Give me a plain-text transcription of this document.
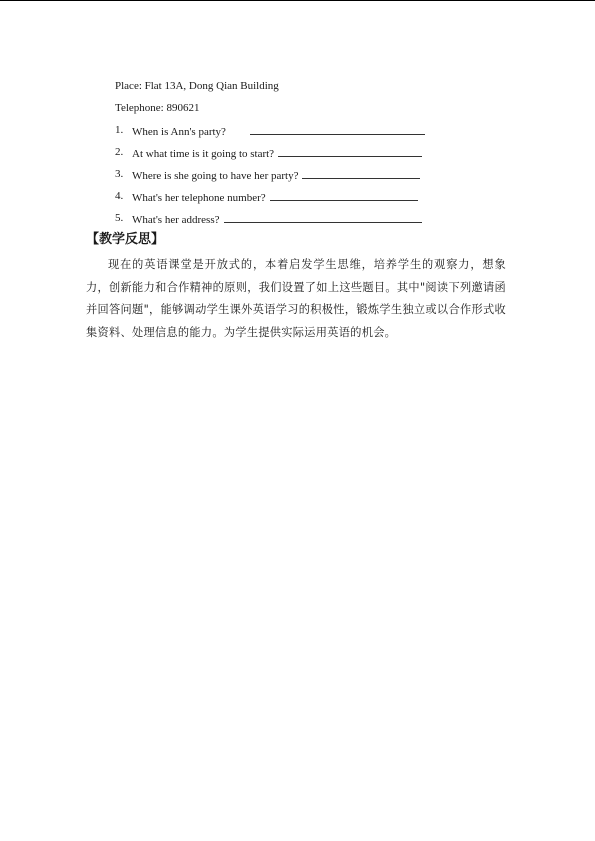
Place: Flat 13A, Dong Qian Building
Telephone: 890621
1. When is Ann's party?
2. At what time is it going to start?
3. Where is she going to have her party?
4. What's her telephone number?
5. What's her address?
【教学反思】
现在的英语课堂是开放式的，本着启发学生思维，培养学生的观察力，想象力，创新能力和合作精神的原则，我们设置了如上这些题目。其中"阅读下列邀请函并回答问题"，能够调动学生课外英语学习的积极性，锻炼学生独立或以合作形式收集资料、处理信息的能力。为学生提供实际运用英语的机会。
